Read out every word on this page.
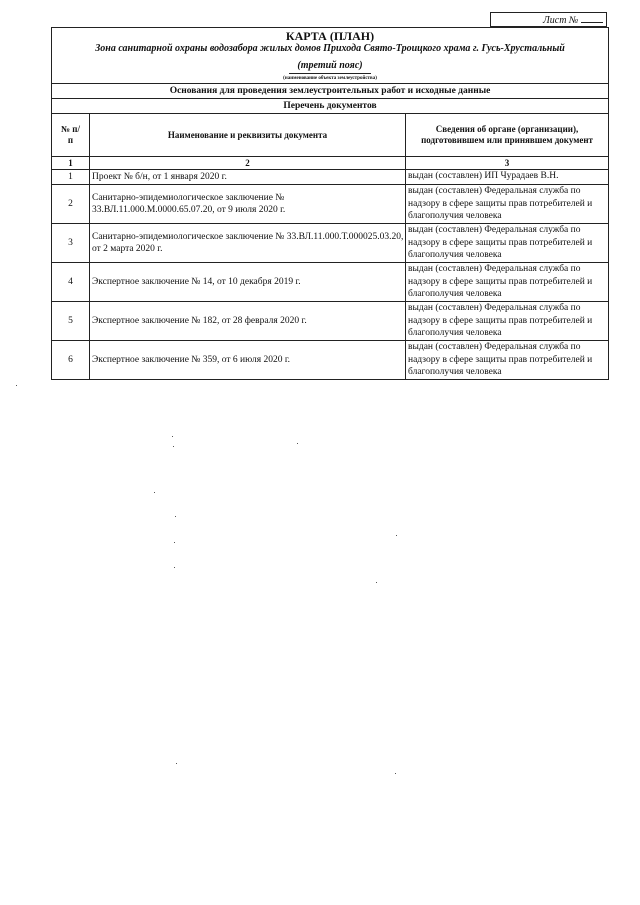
Лист №
КАРТА (ПЛАН)
Зона санитарной охраны водозабора жилых домов Прихода Свято-Троицкого храма г. Гусь-Хрустальный
(третий пояс)		
(наименование объекта землеустройства)		
Основания для проведения землеустроительных работ и исходные данные		
Перечень документов		

№ п/п	Наименование и реквизиты документа	Сведения об органе (организации), подготовившем или принявшем документ
1	2	3
1	Проект № б/н, от 1 января 2020 г.	выдан (составлен) ИП Чурадаев В.Н.
2	Санитарно-эпидемиологическое заключение № 33.ВЛ.11.000.М.0000.65.07.20, от 9 июля 2020 г.	выдан (составлен) Федеральная служба по надзору в сфере защиты прав потребителей и благополучия человека
3	Санитарно-эпидемиологическое заключение № 33.ВЛ.11.000.Т.000025.03.20, от 2 марта 2020 г.	выдан (составлен) Федеральная служба по надзору в сфере защиты прав потребителей и благополучия человека
4	Экспертное заключение № 14, от 10 декабря 2019 г.	выдан (составлен) Федеральная служба по надзору в сфере защиты прав потребителей и благополучия человека
5	Экспертное заключение № 182, от 28 февраля 2020 г.	выдан (составлен) Федеральная служба по надзору в сфере защиты прав потребителей и благополучия человека
6	Экспертное заключение № 359, от 6 июля 2020 г.	выдан (составлен) Федеральная служба по надзору в сфере защиты прав потребителей и благополучия человека
